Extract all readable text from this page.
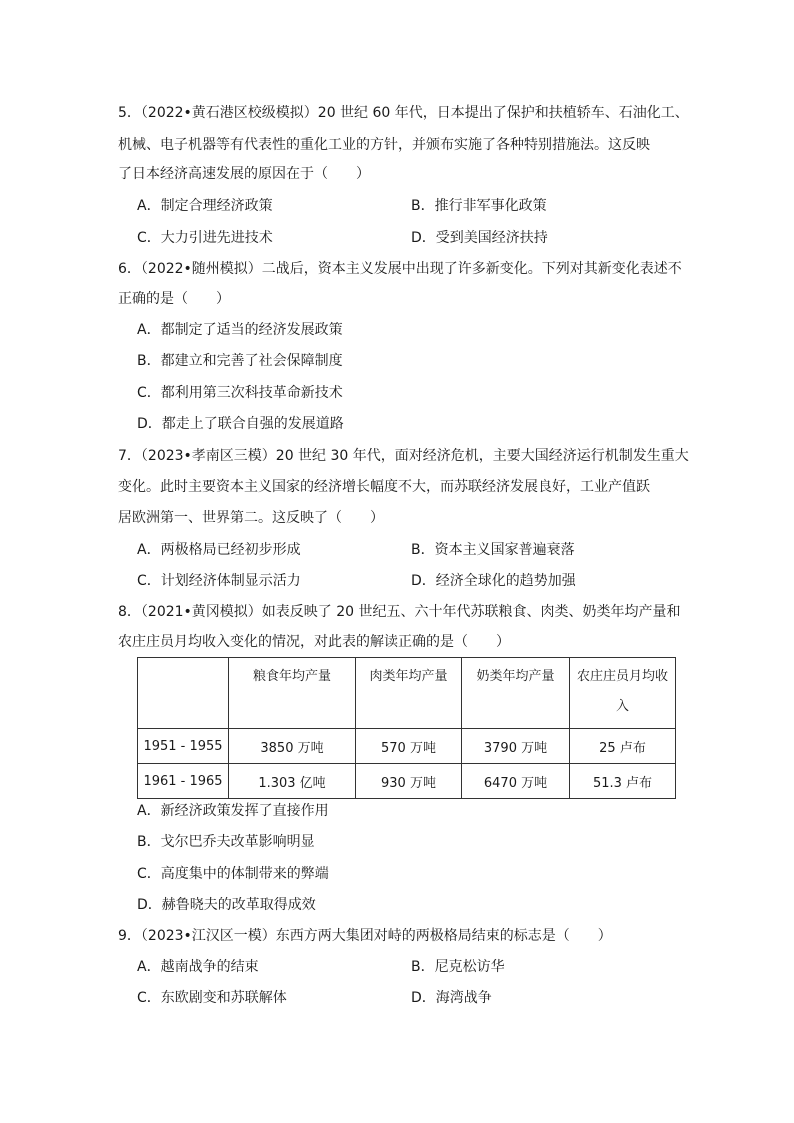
5．（2022•黄石港区校级模拟）20 世纪 60 年代，日本提出了保护和扶植轿车、石油化工、
机械、电子机器等有代表性的重化工业的方针，并颁布实施了各种特别措施法。这反映
了日本经济高速发展的原因在于（　　）
A．制定合理经济政策	B．推行非军事化政策
C．大力引进先进技术	D．受到美国经济扶持
6．（2022•随州模拟）二战后，资本主义发展中出现了许多新变化。下列对其新变化表述不
正确的是（　　）
A．都制定了适当的经济发展政策
B．都建立和完善了社会保障制度
C．都利用第三次科技革命新技术
D．都走上了联合自强的发展道路
7．（2023•孝南区三模）20 世纪 30 年代，面对经济危机，主要大国经济运行机制发生重大
变化。此时主要资本主义国家的经济增长幅度不大，而苏联经济发展良好，工业产值跃
居欧洲第一、世界第二。这反映了（　　）
A．两极格局已经初步形成	B．资本主义国家普遍衰落
C．计划经济体制显示活力	D．经济全球化的趋势加强
8．（2021•黄冈模拟）如表反映了 20 世纪五、六十年代苏联粮食、肉类、奶类年均产量和
农庄庄员月均收入变化的情况，对此表的解读正确的是（　　）
	粮食年均产量	肉类年均产量	奶类年均产量	农庄庄员月均收入
1951 - 1955	3850 万吨	570 万吨	3790 万吨	25 卢布
1961 - 1965	1.303 亿吨	930 万吨	6470 万吨	51.3 卢布
A．新经济政策发挥了直接作用
B．戈尔巴乔夫改革影响明显
C．高度集中的体制带来的弊端
D．赫鲁晓夫的改革取得成效
9．（2023•江汉区一模）东西方两大集团对峙的两极格局结束的标志是（　　）
A．越南战争的结束	B．尼克松访华
C．东欧剧变和苏联解体	D．海湾战争
